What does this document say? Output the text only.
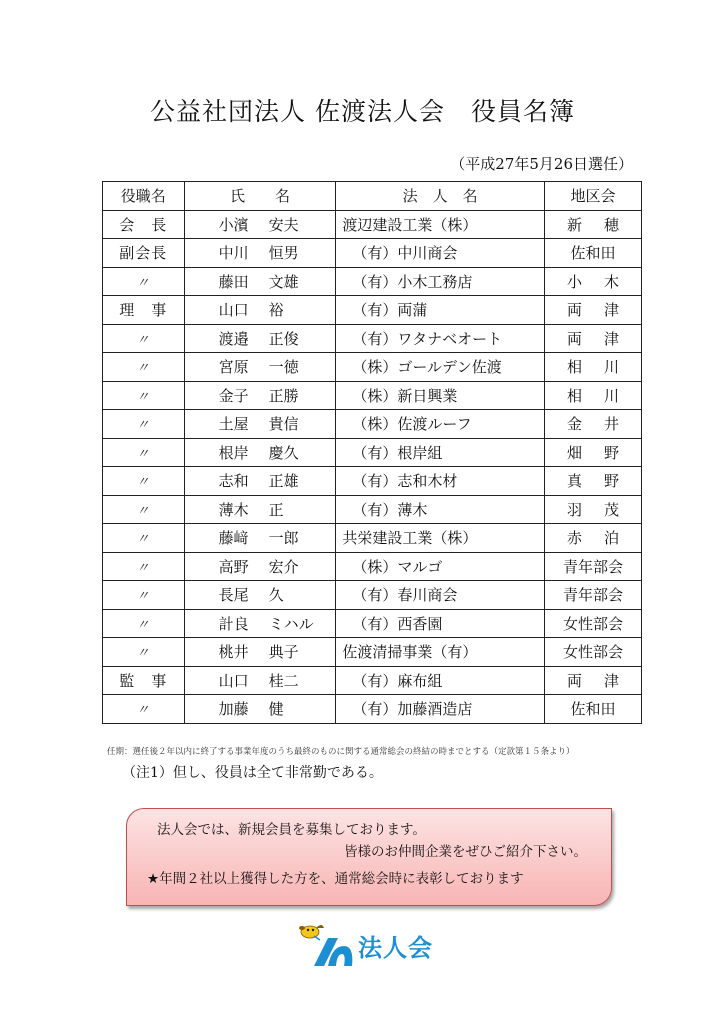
公益社団法人 佐渡法人会　役員名簿
（平成27年5月26日選任）
役職名	氏　　名	法　人　名	地区会
会　長	小濱 安夫	渡辺建設工業（株）	新穂
副会長	中川 恒男	（有）中川商会	佐和田
〃	藤田 文雄	（有）小木工務店	小木
理　事	山口 裕	（有）両蒲	両津
〃	渡邉 正俊	（有）ワタナベオート	両津
〃	宮原 一徳	（株）ゴールデン佐渡	相川
〃	金子 正勝	（株）新日興業	相川
〃	土屋 貴信	（株）佐渡ルーフ	金井
〃	根岸 慶久	（有）根岸組	畑野
〃	志和 正雄	（有）志和木材	真野
〃	薄木 正	（有）薄木	羽茂
〃	藤﨑 一郎	共栄建設工業（株）	赤泊
〃	高野 宏介	（株）マルゴ	青年部会
〃	長尾 久	（有）春川商会	青年部会
〃	計良 ミハル	（有）西香園	女性部会
〃	桃井 典子	佐渡清掃事業（有）	女性部会
監　事	山口 桂二	（有）麻布組	両津
〃	加藤 健	（有）加藤酒造店	佐和田
任期：選任後２年以内に終了する事業年度のうち最終のものに関する通常総会の終結の時までとする（定款第１５条より）
（注1）但し、役員は全て非常勤である。
法人会では、新規会員を募集しております。
皆様のお仲間企業をぜひご紹介下さい。
★年間２社以上獲得した方を、通常総会時に表彰しております
法人会
